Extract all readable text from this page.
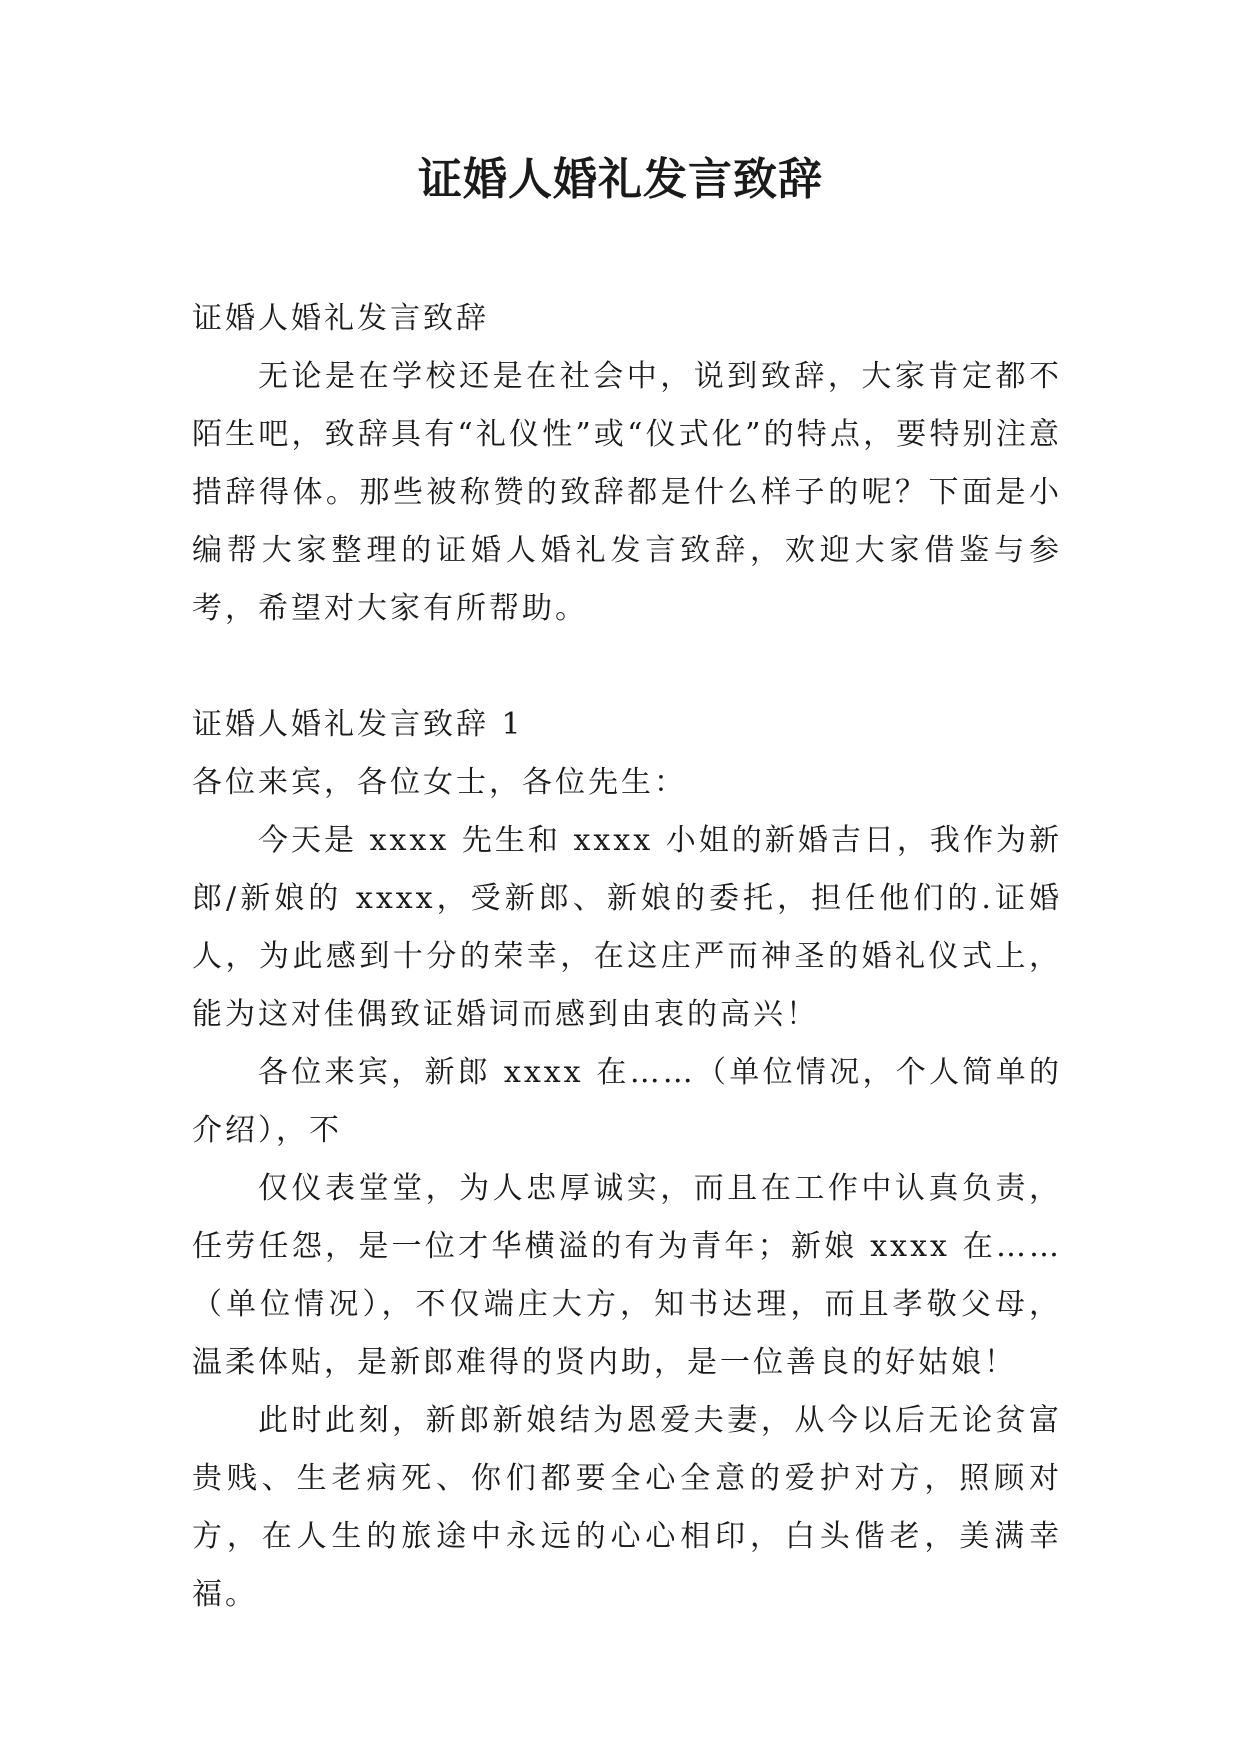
证婚人婚礼发言致辞

证婚人婚礼发言致辞

无论是在学校还是在社会中，说到致辞，大家肯定都不陌生吧，致辞具有“礼仪性”或“仪式化”的特点，要特别注意措辞得体。那些被称赞的致辞都是什么样子的呢？下面是小编帮大家整理的证婚人婚礼发言致辞，欢迎大家借鉴与参考，希望对大家有所帮助。

证婚人婚礼发言致辞 1

各位来宾，各位女士，各位先生：

今天是 xxxx 先生和 xxxx 小姐的新婚吉日，我作为新郎/新娘的 xxxx，受新郎、新娘的委托，担任他们的.证婚人，为此感到十分的荣幸，在这庄严而神圣的婚礼仪式上，能为这对佳偶致证婚词而感到由衷的高兴！

各位来宾，新郎 xxxx 在……（单位情况，个人简单的介绍），不

仅仪表堂堂，为人忠厚诚实，而且在工作中认真负责，任劳任怨，是一位才华横溢的有为青年；新娘 xxxx 在……（单位情况），不仅端庄大方，知书达理，而且孝敬父母，温柔体贴，是新郎难得的贤内助，是一位善良的好姑娘！

此时此刻，新郎新娘结为恩爱夫妻，从今以后无论贫富贵贱、生老病死、你们都要全心全意的爱护对方，照顾对方，在人生的旅途中永远的心心相印，白头偕老，美满幸福。
